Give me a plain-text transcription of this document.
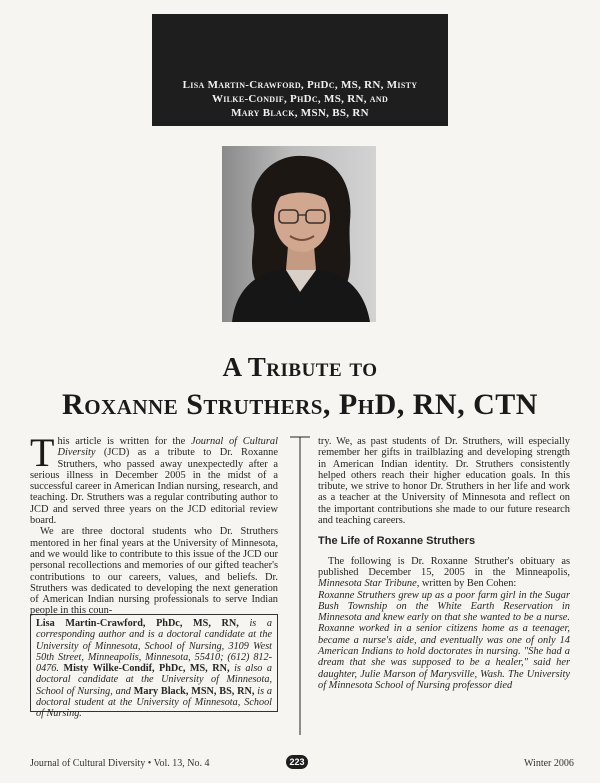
Lisa Martin-Crawford, PhDc, MS, RN, Misty
Wilke-Condif, PhDc, MS, RN, and
Mary Black, MSN, BS, RN
A Tribute to
Roxanne Struthers, PhD, RN, CTN

This article is written for the Journal of Cultural Diversity (JCD) as a tribute to Dr. Roxanne Struthers, who passed away unexpectedly after a serious illness in December 2005 in the midst of a successful career in American Indian nursing, research, and teaching. Dr. Struthers was a regular contributing author to JCD and served three years on the JCD editorial review board.

We are three doctoral students who Dr. Struthers mentored in her final years at the University of Minnesota, and we would like to contribute to this issue of the JCD our personal recollections and memories of our gifted teacher's contributions to our careers, values, and beliefs. Dr. Struthers was dedicated to developing the next generation of American Indian nursing professionals to serve Indian people in this coun-

Lisa Martin-Crawford, PhDc, MS, RN, is a corresponding author and is a doctoral candidate at the University of Minnesota, School of Nursing, 3109 West 50th Street, Minneapolis, Minnesota, 55410; (612) 812-0476. Misty Wilke-Condif, PhDc, MS, RN, is also a doctoral candidate at the University of Minnesota, School of Nursing, and Mary Black, MSN, BS, RN, is a doctoral student at the University of Minnesota, School of Nursing.

try. We, as past students of Dr. Struthers, will especially remember her gifts in trailblazing and developing strength in American Indian identity. Dr. Struthers consistently helped others reach their higher education goals. In this tribute, we strive to honor Dr. Struthers in her life and work as a teacher at the University of Minnesota and reflect on the important contributions she made to our future research and teaching careers.

The Life of Roxanne Struthers

The following is Dr. Roxanne Struther's obituary as published December 15, 2005 in the Minneapolis, Minnesota Star Tribune, written by Ben Cohen:

Roxanne Struthers grew up as a poor farm girl in the Sugar Bush Township on the White Earth Reservation in Minnesota and knew early on that she wanted to be a nurse. Roxanne worked in a senior citizens home as a teenager, became a nurse's aide, and eventually was one of only 14 American Indians to hold doctorates in nursing. "She had a dream that she was supposed to be a healer," said her daughter, Julie Marson of Marysville, Wash. The University of Minnesota School of Nursing professor died

Journal of Cultural Diversity • Vol. 13, No. 4	223	Winter 2006
